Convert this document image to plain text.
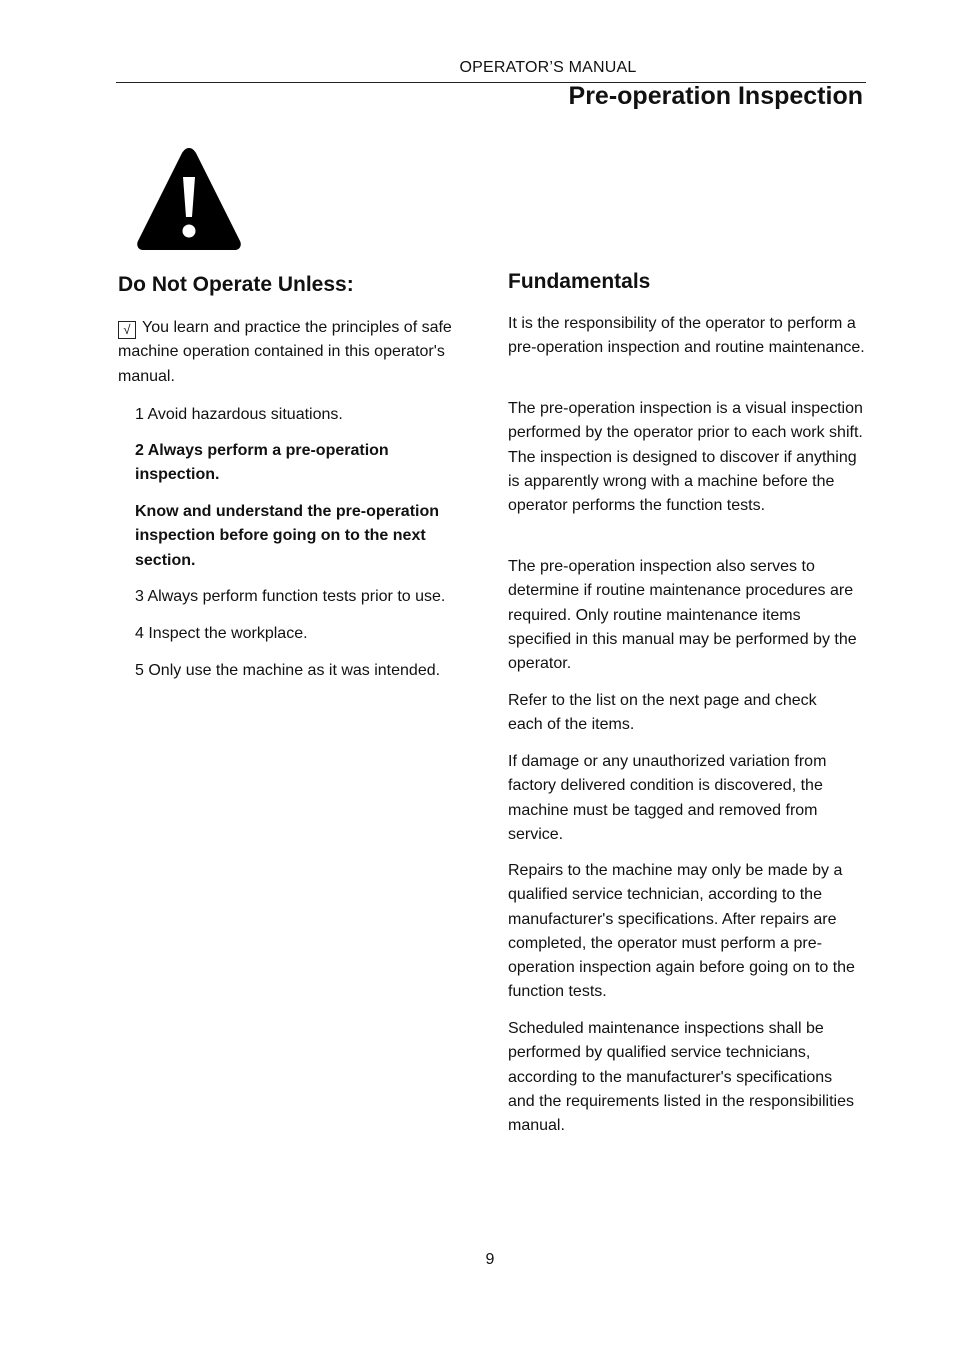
OPERATOR’S MANUAL
Pre-operation Inspection
Do Not Operate Unless:

√ You learn and practice the principles of safe machine operation contained in this operator's manual.

1 Avoid hazardous situations.

2 Always perform a pre-operation inspection.

Know and understand the pre-operation inspection before going on to the next section.

3 Always perform function tests prior to use.

4 Inspect the workplace.

5 Only use the machine as it was intended.

Fundamentals

It is the responsibility of the operator to perform a pre-operation inspection and routine maintenance.

The pre-operation inspection is a visual inspection performed by the operator prior to each work shift. The inspection is designed to discover if anything is apparently wrong with a machine before the operator performs the function tests.

The pre-operation inspection also serves to determine if routine maintenance procedures are required. Only routine maintenance items specified in this manual may be performed by the operator.

Refer to the list on the next page and check each of the items.

If damage or any unauthorized variation from factory delivered condition is discovered, the machine must be tagged and removed from service.

Repairs to the machine may only be made by a qualified service technician, according to the manufacturer's specifications. After repairs are completed, the operator must perform a pre-operation inspection again before going on to the function tests.

Scheduled maintenance inspections shall be performed by qualified service technicians, according to the manufacturer's specifications and the requirements listed in the responsibilities manual.

9
